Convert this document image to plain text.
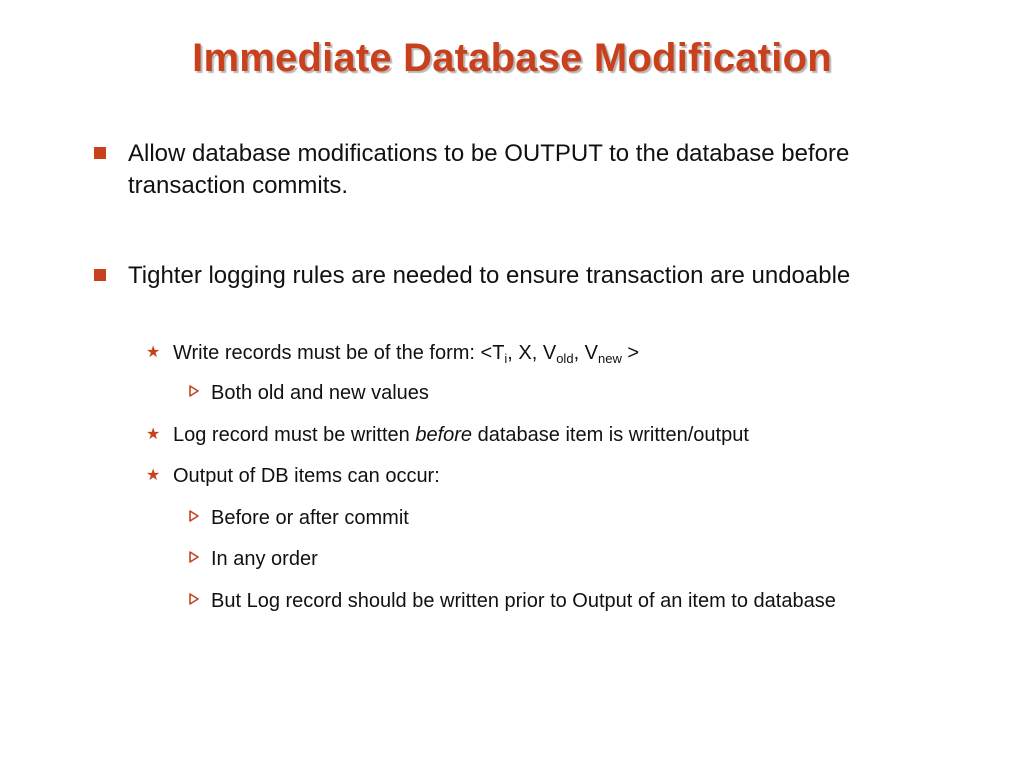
Immediate Database Modification
Allow database modifications to be OUTPUT to the database before transaction commits.
Tighter logging rules are needed to ensure transaction are undoable
★ Write records must be of the form: $<T_i$, X, $V_{old}$, $V_{new}$ >
Both old and new values
★ Log record must be written before database item is written/output
★ Output of DB items can occur:
Before or after commit
In any order
But Log record should be written prior to Output of an item to database
